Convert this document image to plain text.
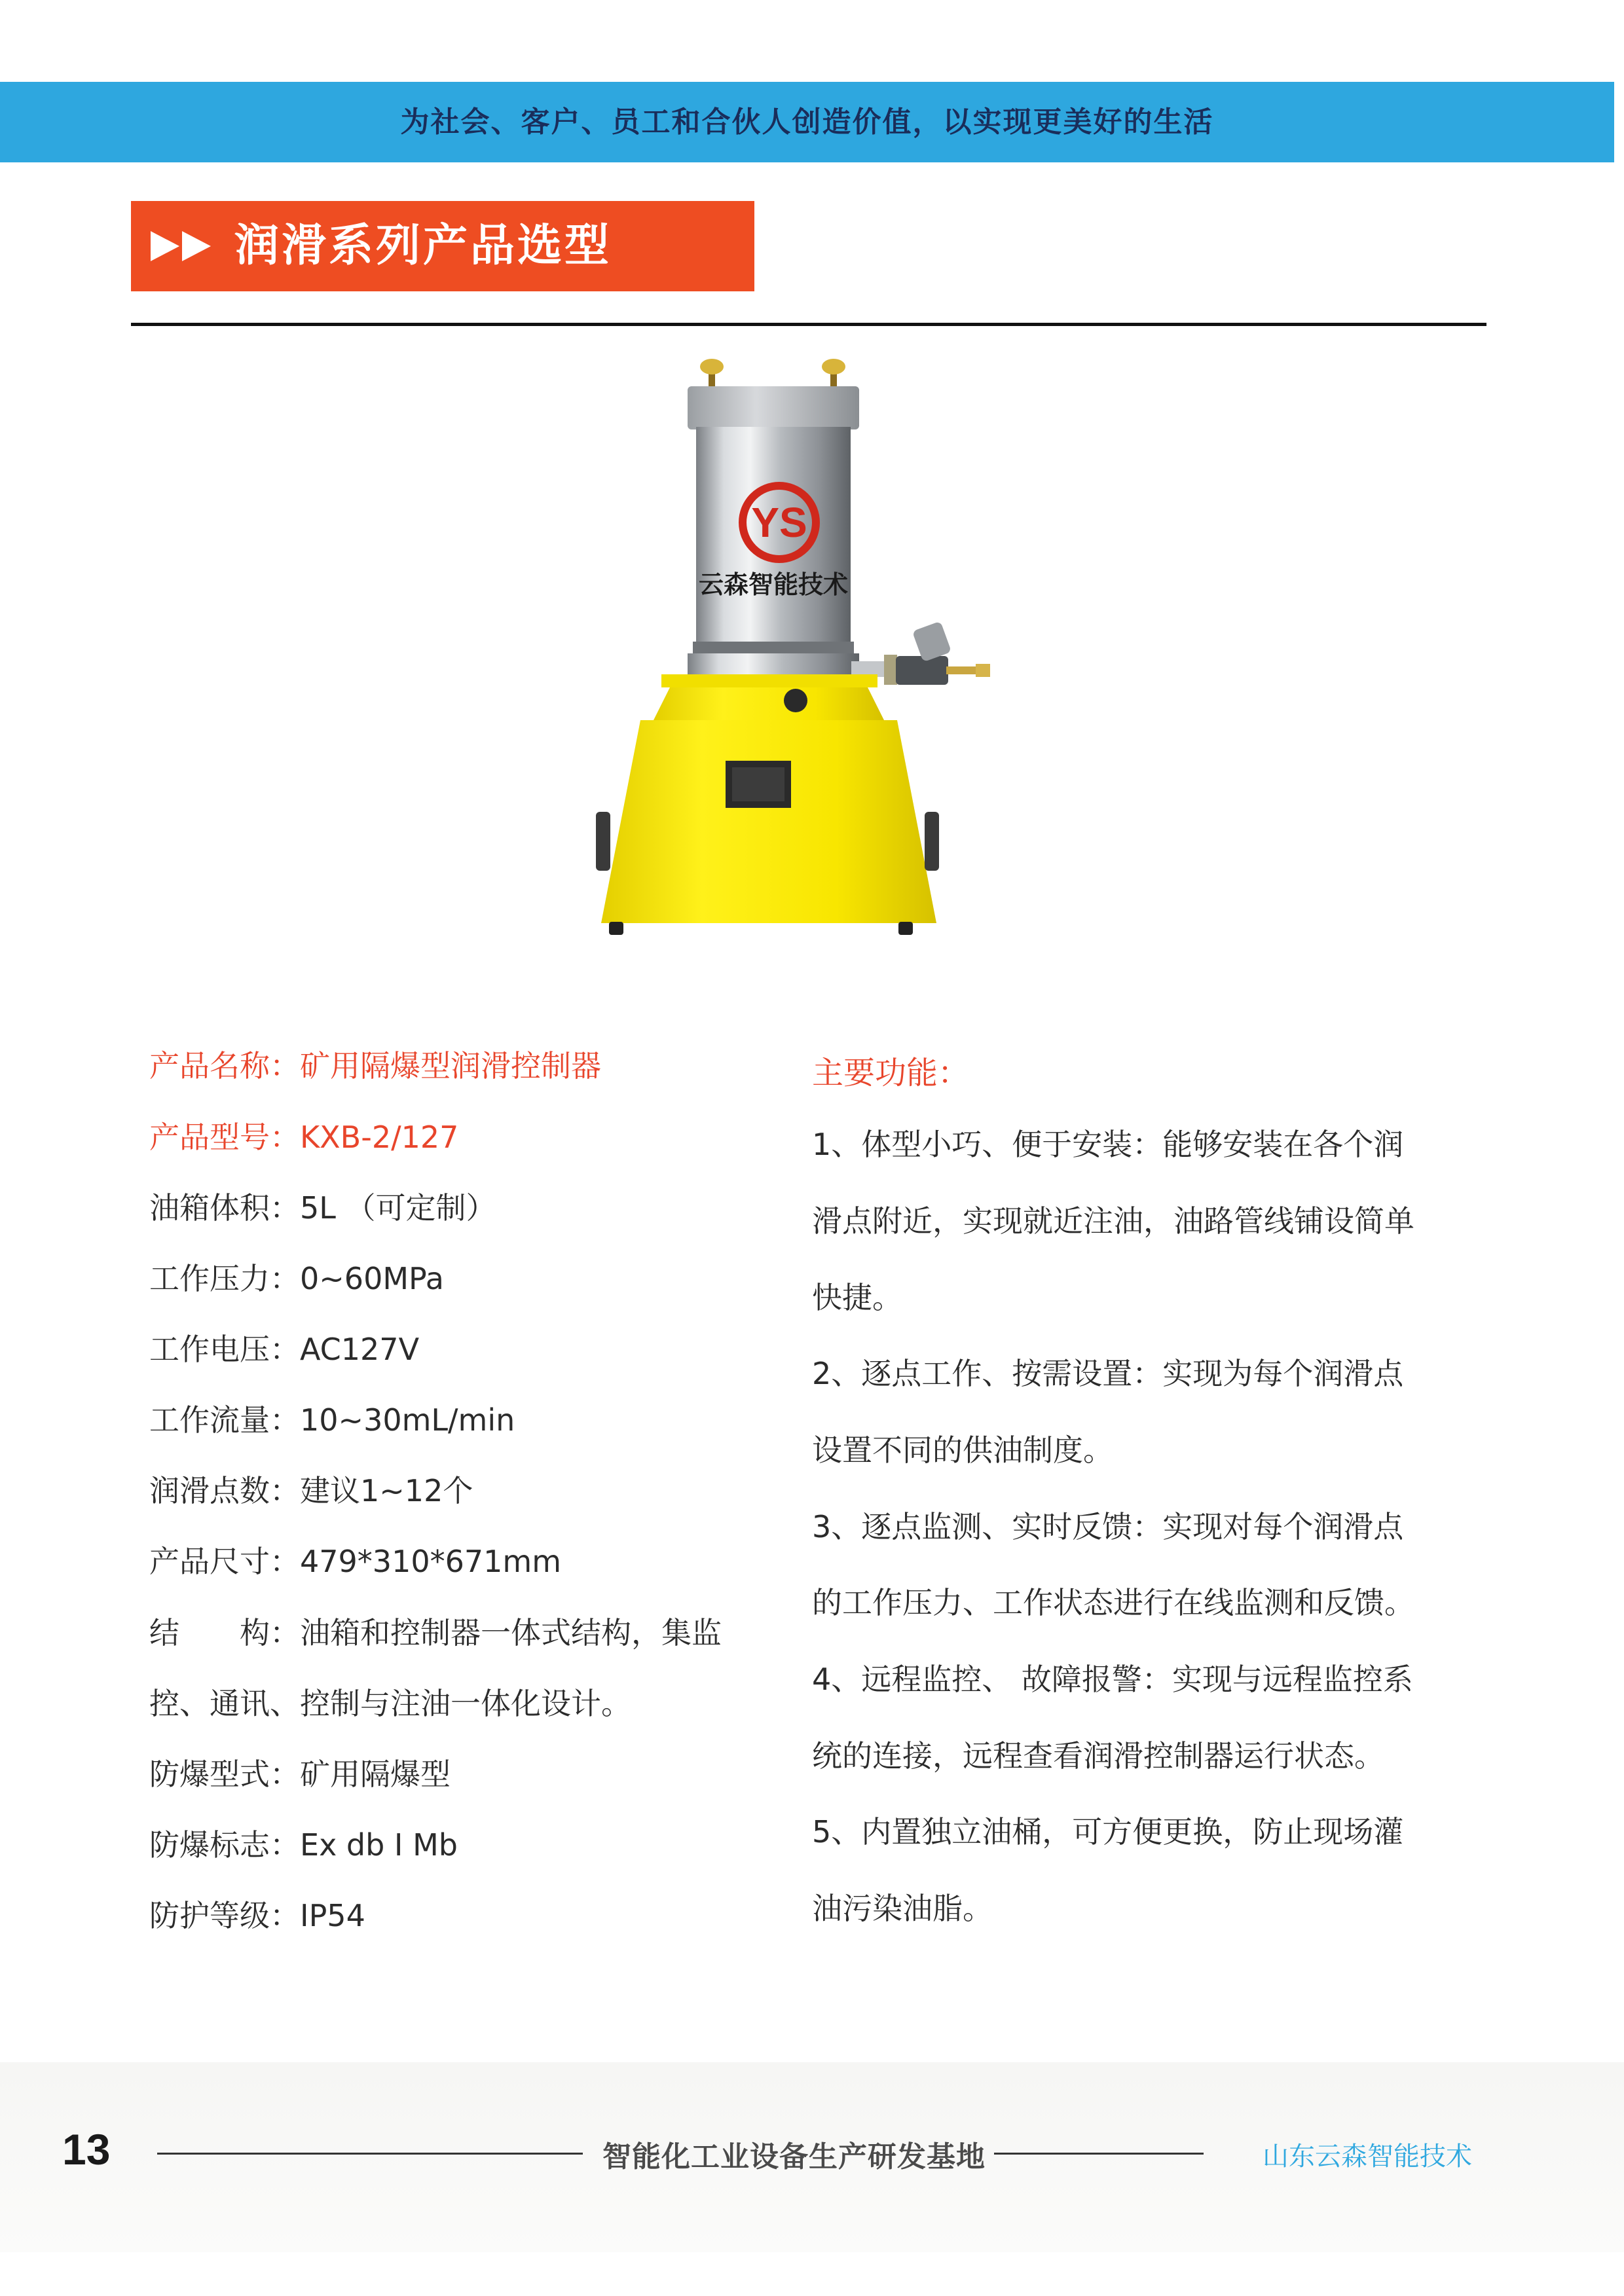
为社会、客户、员工和合伙人创造价值，以实现更美好的生活
润滑系列产品选型
YS
云森智能技术
产品名称：矿用隔爆型润滑控制器
产品型号：KXB-2/127
油箱体积：5L （可定制）
工作压力：0~60MPa
工作电压：AC127V
工作流量：10~30mL/min
润滑点数：建议1~12个
产品尺寸：479*310*671mm
结　　构：油箱和控制器一体式结构，集监
控、通讯、控制与注油一体化设计。
防爆型式：矿用隔爆型
防爆标志：Ex db I Mb
防护等级：IP54
主要功能：
1、体型小巧、便于安装：能够安装在各个润
滑点附近，实现就近注油，油路管线铺设简单
快捷。
2、逐点工作、按需设置：实现为每个润滑点
设置不同的供油制度。
3、逐点监测、实时反馈：实现对每个润滑点
的工作压力、工作状态进行在线监测和反馈。
4、远程监控、 故障报警：实现与远程监控系
统的连接，远程查看润滑控制器运行状态。
5、内置独立油桶，可方便更换，防止现场灌
油污染油脂。
13	智能化工业设备生产研发基地	山东云森智能技术
